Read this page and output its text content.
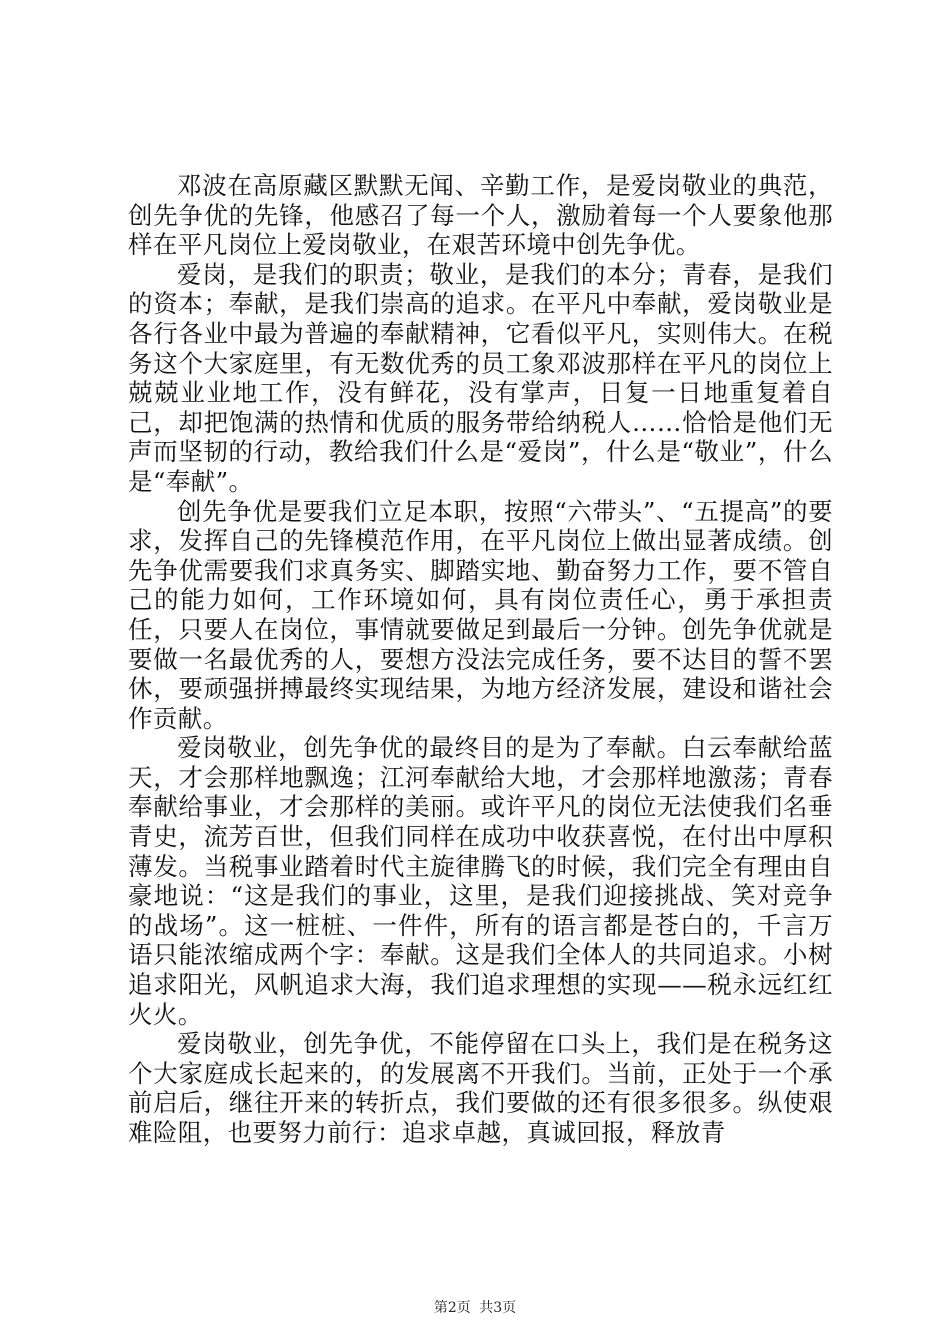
邓波在高原藏区默默无闻、辛勤工作，是爱岗敬业的典范，创先争优的先锋，他感召了每一个人，激励着每一个人要象他那样在平凡岗位上爱岗敬业，在艰苦环境中创先争优。

爱岗，是我们的职责；敬业，是我们的本分；青春，是我们的资本；奉献，是我们崇高的追求。在平凡中奉献，爱岗敬业是各行各业中最为普遍的奉献精神，它看似平凡，实则伟大。在税务这个大家庭里，有无数优秀的员工象邓波那样在平凡的岗位上兢兢业业地工作，没有鲜花，没有掌声，日复一日地重复着自己，却把饱满的热情和优质的服务带给纳税人……恰恰是他们无声而坚韧的行动，教给我们什么是“爱岗”，什么是“敬业”，什么是“奉献”。

创先争优是要我们立足本职，按照“六带头”、“五提高”的要求，发挥自己的先锋模范作用，在平凡岗位上做出显著成绩。创先争优需要我们求真务实、脚踏实地、勤奋努力工作，要不管自己的能力如何，工作环境如何，具有岗位责任心，勇于承担责任，只要人在岗位，事情就要做足到最后一分钟。创先争优就是要做一名最优秀的人，要想方没法完成任务，要不达目的誓不罢休，要顽强拼搏最终实现结果，为地方经济发展，建设和谐社会作贡献。

爱岗敬业，创先争优的最终目的是为了奉献。白云奉献给蓝天，才会那样地飘逸；江河奉献给大地，才会那样地激荡；青春奉献给事业，才会那样的美丽。或许平凡的岗位无法使我们名垂青史，流芳百世，但我们同样在成功中收获喜悦，在付出中厚积薄发。当税事业踏着时代主旋律腾飞的时候，我们完全有理由自豪地说：“这是我们的事业，这里，是我们迎接挑战、笑对竞争的战场”。这一桩桩、一件件，所有的语言都是苍白的，千言万语只能浓缩成两个字：奉献。这是我们全体人的共同追求。小树追求阳光，风帆追求大海，我们追求理想的实现——税永远红红火火。

爱岗敬业，创先争优，不能停留在口头上，我们是在税务这个大家庭成长起来的，的发展离不开我们。当前，正处于一个承前启后，继往开来的转折点，我们要做的还有很多很多。纵使艰难险阻，也要努力前行：追求卓越，真诚回报，释放青

第2页 共3页
